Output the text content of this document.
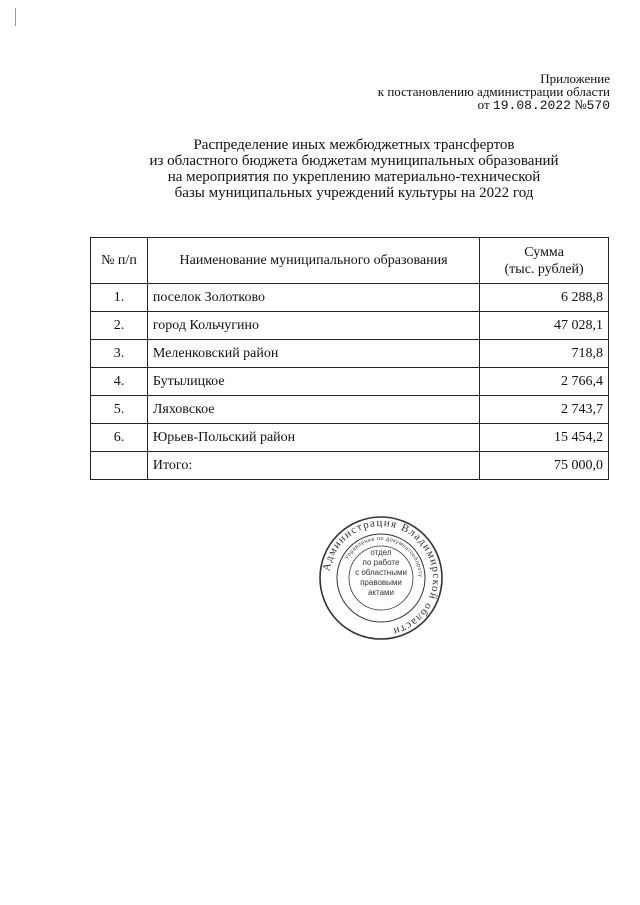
Приложение
к постановлению администрации области
от 19.08.2022 №570
Распределение иных межбюджетных трансфертов
из областного бюджета бюджетам муниципальных образований
на мероприятия по укреплению материально-технической
базы муниципальных учреждений культуры на 2022 год
№ п/п	Наименование муниципального образования	Сумма
(тыс. рублей)

1.	поселок Золотково	6 288,8
2.	город Кольчугино	47 028,1
3.	Меленковский район	718,8
4.	Бутылицкое	2 766,4
5.	Ляховское	2 743,7
6.	Юрьев-Польский район	15 454,2
	Итого:	75 000,0
Администрация Владимирской области
Управление по документообороту
отдел
по работе
с областными
правовыми
актами
